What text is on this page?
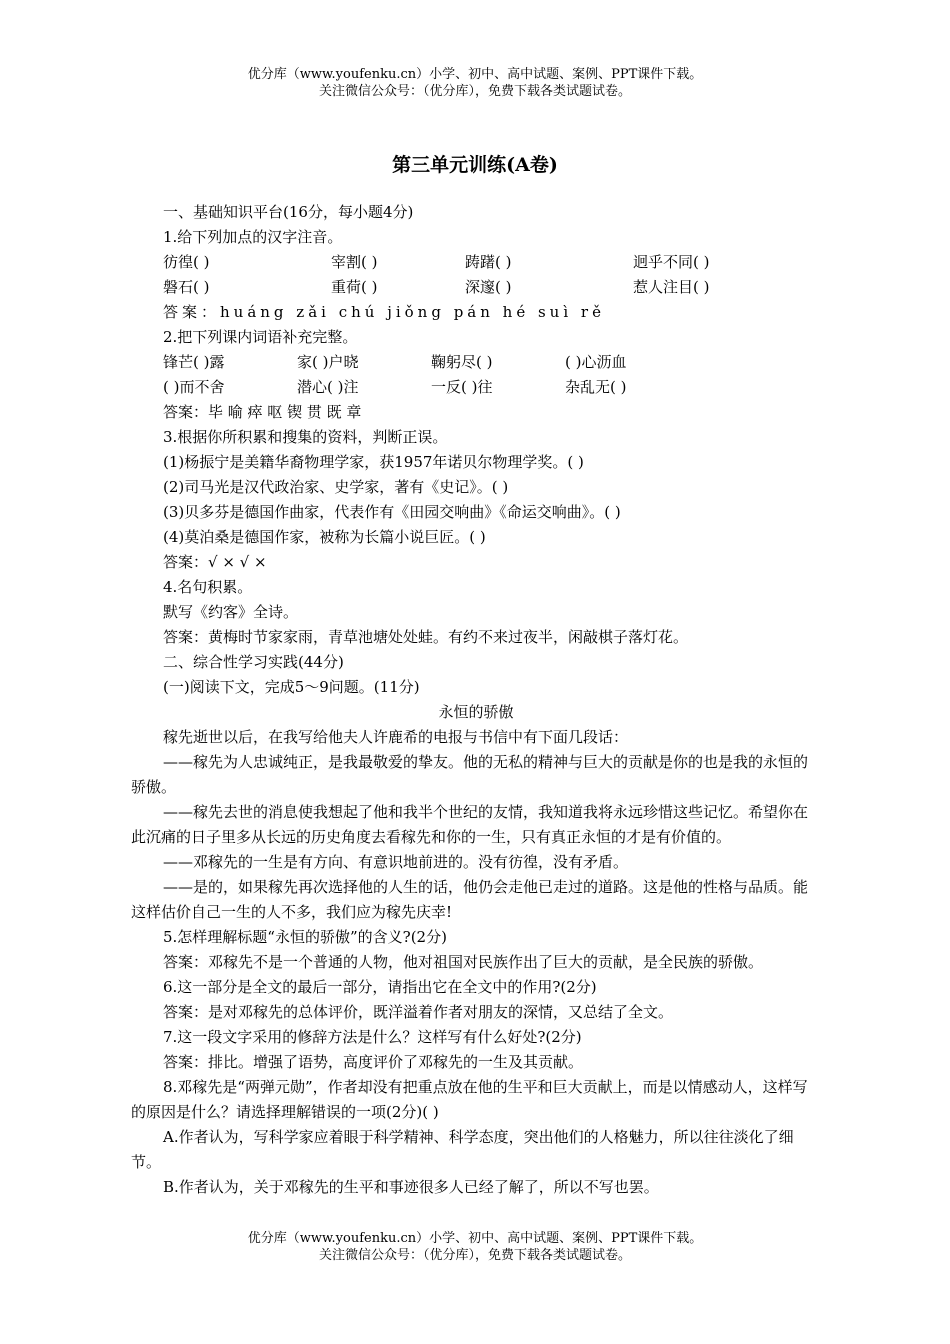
优分库（www.youfenku.cn）小学、初中、高中试题、案例、PPT课件下载。
关注微信公众号：（优分库），免费下载各类试题试卷。
第三单元训练(A卷)

一、基础知识平台(16分，每小题4分)

1.给下列加点的汉字注音。

彷徨( )	宰割( )	踌躇( )	迥乎不同( )
磐石( )	重荷( )	深邃( )	惹人注目( )

答案：huáng zǎi chú jiǒng pán hé suì rě

2.把下列课内词语补充完整。

锋芒( )露	家( )户晓	鞠躬尽( )	( )心沥血
( )而不舍	潜心( )注	一反( )往	杂乱无( )

答案：毕 喻 瘁 呕 锲 贯 既 章

3.根据你所积累和搜集的资料，判断正误。

(1)杨振宁是美籍华裔物理学家，获1957年诺贝尔物理学奖。( )

(2)司马光是汉代政治家、史学家，著有《史记》。( )

(3)贝多芬是德国作曲家，代表作有《田园交响曲》《命运交响曲》。( )

(4)莫泊桑是德国作家，被称为长篇小说巨匠。( )

答案：√ × √ ×

4.名句积累。

默写《约客》全诗。

答案：黄梅时节家家雨，青草池塘处处蛙。有约不来过夜半，闲敲棋子落灯花。

二、综合性学习实践(44分)

(一)阅读下文，完成5～9问题。(11分)

永恒的骄傲

稼先逝世以后，在我写给他夫人许鹿希的电报与书信中有下面几段话：

——稼先为人忠诚纯正，是我最敬爱的挚友。他的无私的精神与巨大的贡献是你的也是我的永恒的骄傲。

——稼先去世的消息使我想起了他和我半个世纪的友情，我知道我将永远珍惜这些记忆。希望你在此沉痛的日子里多从长远的历史角度去看稼先和你的一生，只有真正永恒的才是有价值的。

——邓稼先的一生是有方向、有意识地前进的。没有彷徨，没有矛盾。

——是的，如果稼先再次选择他的人生的话，他仍会走他已走过的道路。这是他的性格与品质。能这样估价自己一生的人不多，我们应为稼先庆幸!

5.怎样理解标题“永恒的骄傲”的含义?(2分)

答案：邓稼先不是一个普通的人物，他对祖国对民族作出了巨大的贡献，是全民族的骄傲。

6.这一部分是全文的最后一部分，请指出它在全文中的作用?(2分)

答案：是对邓稼先的总体评价，既洋溢着作者对朋友的深情，又总结了全文。

7.这一段文字采用的修辞方法是什么？这样写有什么好处?(2分)

答案：排比。增强了语势，高度评价了邓稼先的一生及其贡献。

8.邓稼先是“两弹元勋”，作者却没有把重点放在他的生平和巨大贡献上，而是以情感动人，这样写的原因是什么？请选择理解错误的一项(2分)( )

A.作者认为，写科学家应着眼于科学精神、科学态度，突出他们的人格魅力，所以往往淡化了细节。

B.作者认为，关于邓稼先的生平和事迹很多人已经了解了，所以不写也罢。

优分库（www.youfenku.cn）小学、初中、高中试题、案例、PPT课件下载。
关注微信公众号：（优分库），免费下载各类试题试卷。
